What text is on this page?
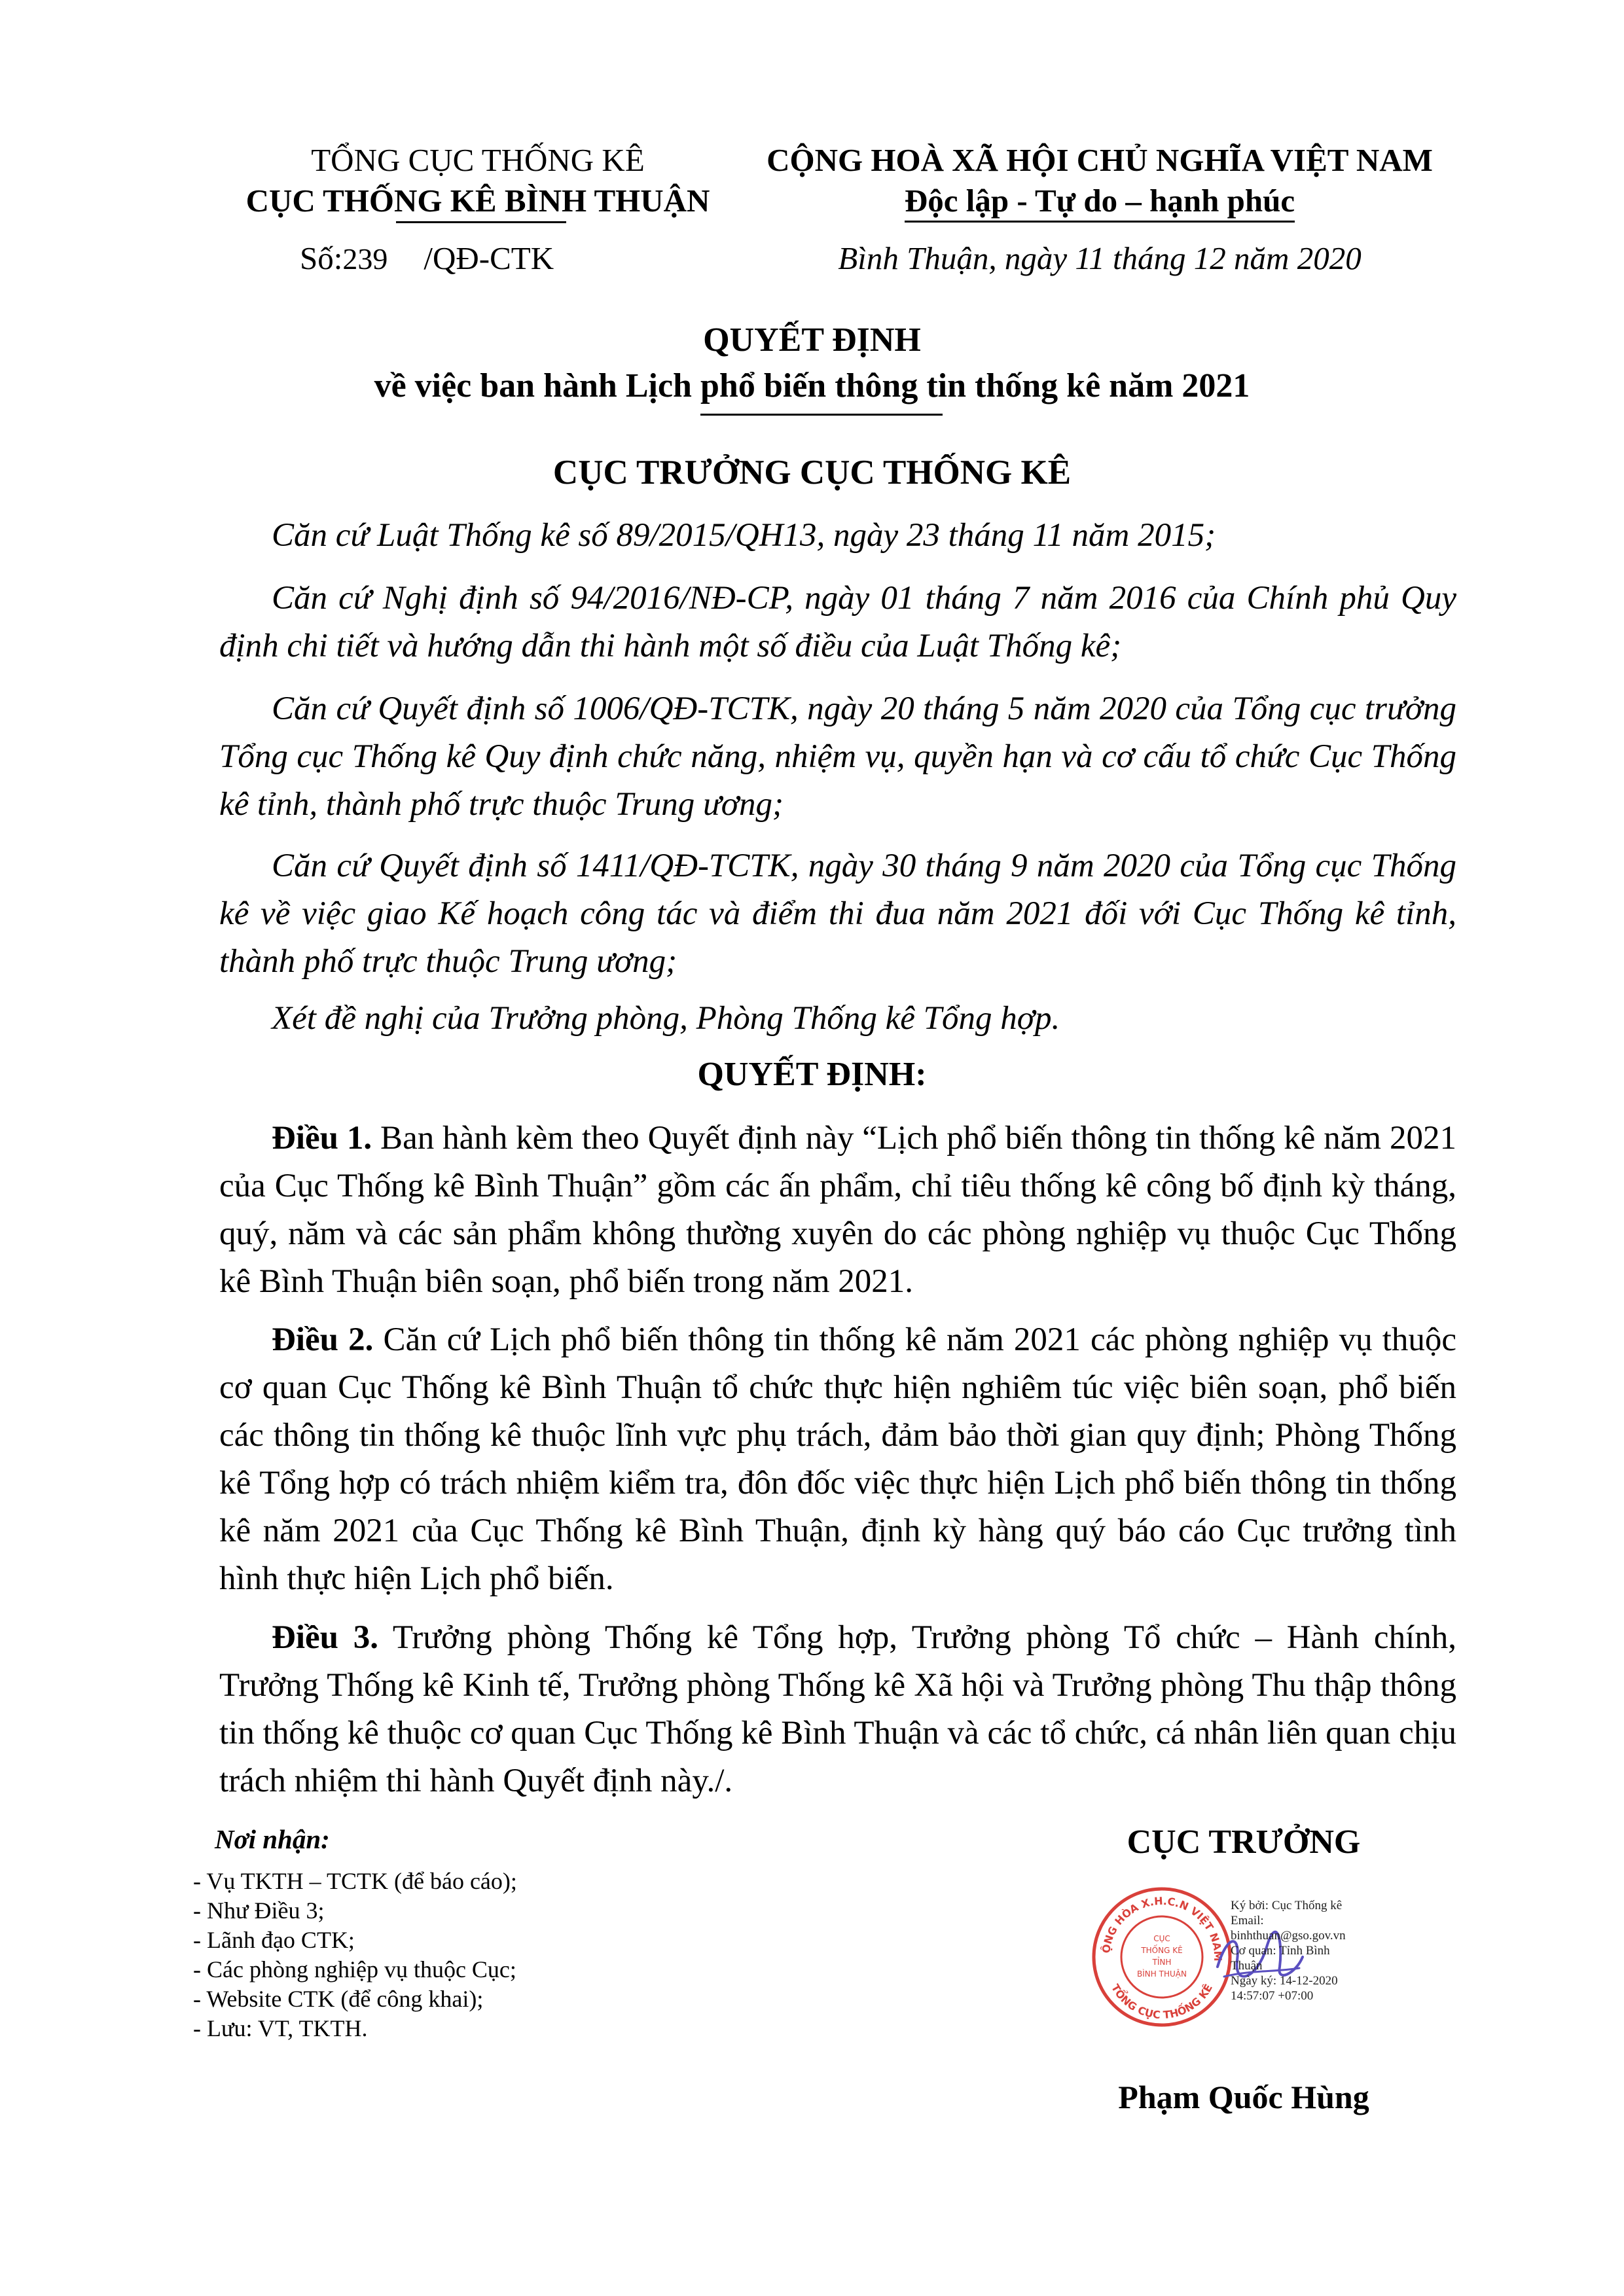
TỔNG CỤC THỐNG KÊ
CỤC THỐNG KÊ BÌNH THUẬN
Số:239 /QĐ-CTK
CỘNG HOÀ XÃ HỘI CHỦ NGHĨA VIỆT NAM
Độc lập - Tự do – hạnh phúc
Bình Thuận, ngày 11 tháng 12 năm 2020
QUYẾT ĐỊNH
về việc ban hành Lịch phổ biến thông tin thống kê năm 2021
CỤC TRƯỞNG CỤC THỐNG KÊ

Căn cứ Luật Thống kê số 89/2015/QH13, ngày 23 tháng 11 năm 2015;

Căn cứ Nghị định số 94/2016/NĐ-CP, ngày 01 tháng 7 năm 2016 của Chính phủ Quy định chi tiết và hướng dẫn thi hành một số điều của Luật Thống kê;

Căn cứ Quyết định số 1006/QĐ-TCTK, ngày 20 tháng 5 năm 2020 của Tổng cục trưởng Tổng cục Thống kê Quy định chức năng, nhiệm vụ, quyền hạn và cơ cấu tổ chức Cục Thống kê tỉnh, thành phố trực thuộc Trung ương;

Căn cứ Quyết định số 1411/QĐ-TCTK, ngày 30 tháng 9 năm 2020 của Tổng cục Thống kê về việc giao Kế hoạch công tác và điểm thi đua năm 2021 đối với Cục Thống kê tỉnh, thành phố trực thuộc Trung ương;

Xét đề nghị của Trưởng phòng, Phòng Thống kê Tổng hợp.

QUYẾT ĐỊNH:

Điều 1. Ban hành kèm theo Quyết định này “Lịch phổ biến thông tin thống kê năm 2021 của Cục Thống kê Bình Thuận” gồm các ấn phẩm, chỉ tiêu thống kê công bố định kỳ tháng, quý, năm và các sản phẩm không thường xuyên do các phòng nghiệp vụ thuộc Cục Thống kê Bình Thuận biên soạn, phổ biến trong năm 2021.

Điều 2. Căn cứ Lịch phổ biến thông tin thống kê năm 2021 các phòng nghiệp vụ thuộc cơ quan Cục Thống kê Bình Thuận tổ chức thực hiện nghiêm túc việc biên soạn, phổ biến các thông tin thống kê thuộc lĩnh vực phụ trách, đảm bảo thời gian quy định; Phòng Thống kê Tổng hợp có trách nhiệm kiểm tra, đôn đốc việc thực hiện Lịch phổ biến thông tin thống kê năm 2021 của Cục Thống kê Bình Thuận, định kỳ hàng quý báo cáo Cục trưởng tình hình thực hiện Lịch phổ biến.

Điều 3. Trưởng phòng Thống kê Tổng hợp, Trưởng phòng Tổ chức – Hành chính, Trưởng Thống kê Kinh tế, Trưởng phòng Thống kê Xã hội và Trưởng phòng Thu thập thông tin thống kê thuộc cơ quan Cục Thống kê Bình Thuận và các tổ chức, cá nhân liên quan chịu trách nhiệm thi hành Quyết định này./.

Nơi nhận:
- Vụ TKTH – TCTK (để báo cáo);
- Như Điều 3;
- Lãnh đạo CTK;
- Các phòng nghiệp vụ thuộc Cục;
- Website CTK (để công khai);
- Lưu: VT, TKTH.
CỤC TRƯỞNG
ỘNG HÒA X.H.C.N VIỆT NAM
TỔNG CỤC THỐNG KÊ
CỤC
THỐNG KÊ
TỈNH
BÌNH THUẬN
Ký bởi: Cục Thống kê
Email:
binhthuan@gso.gov.vn
Cơ quan: Tỉnh Bình
Thuận
Ngày ký: 14-12-2020
14:57:07 +07:00
Phạm Quốc Hùng
